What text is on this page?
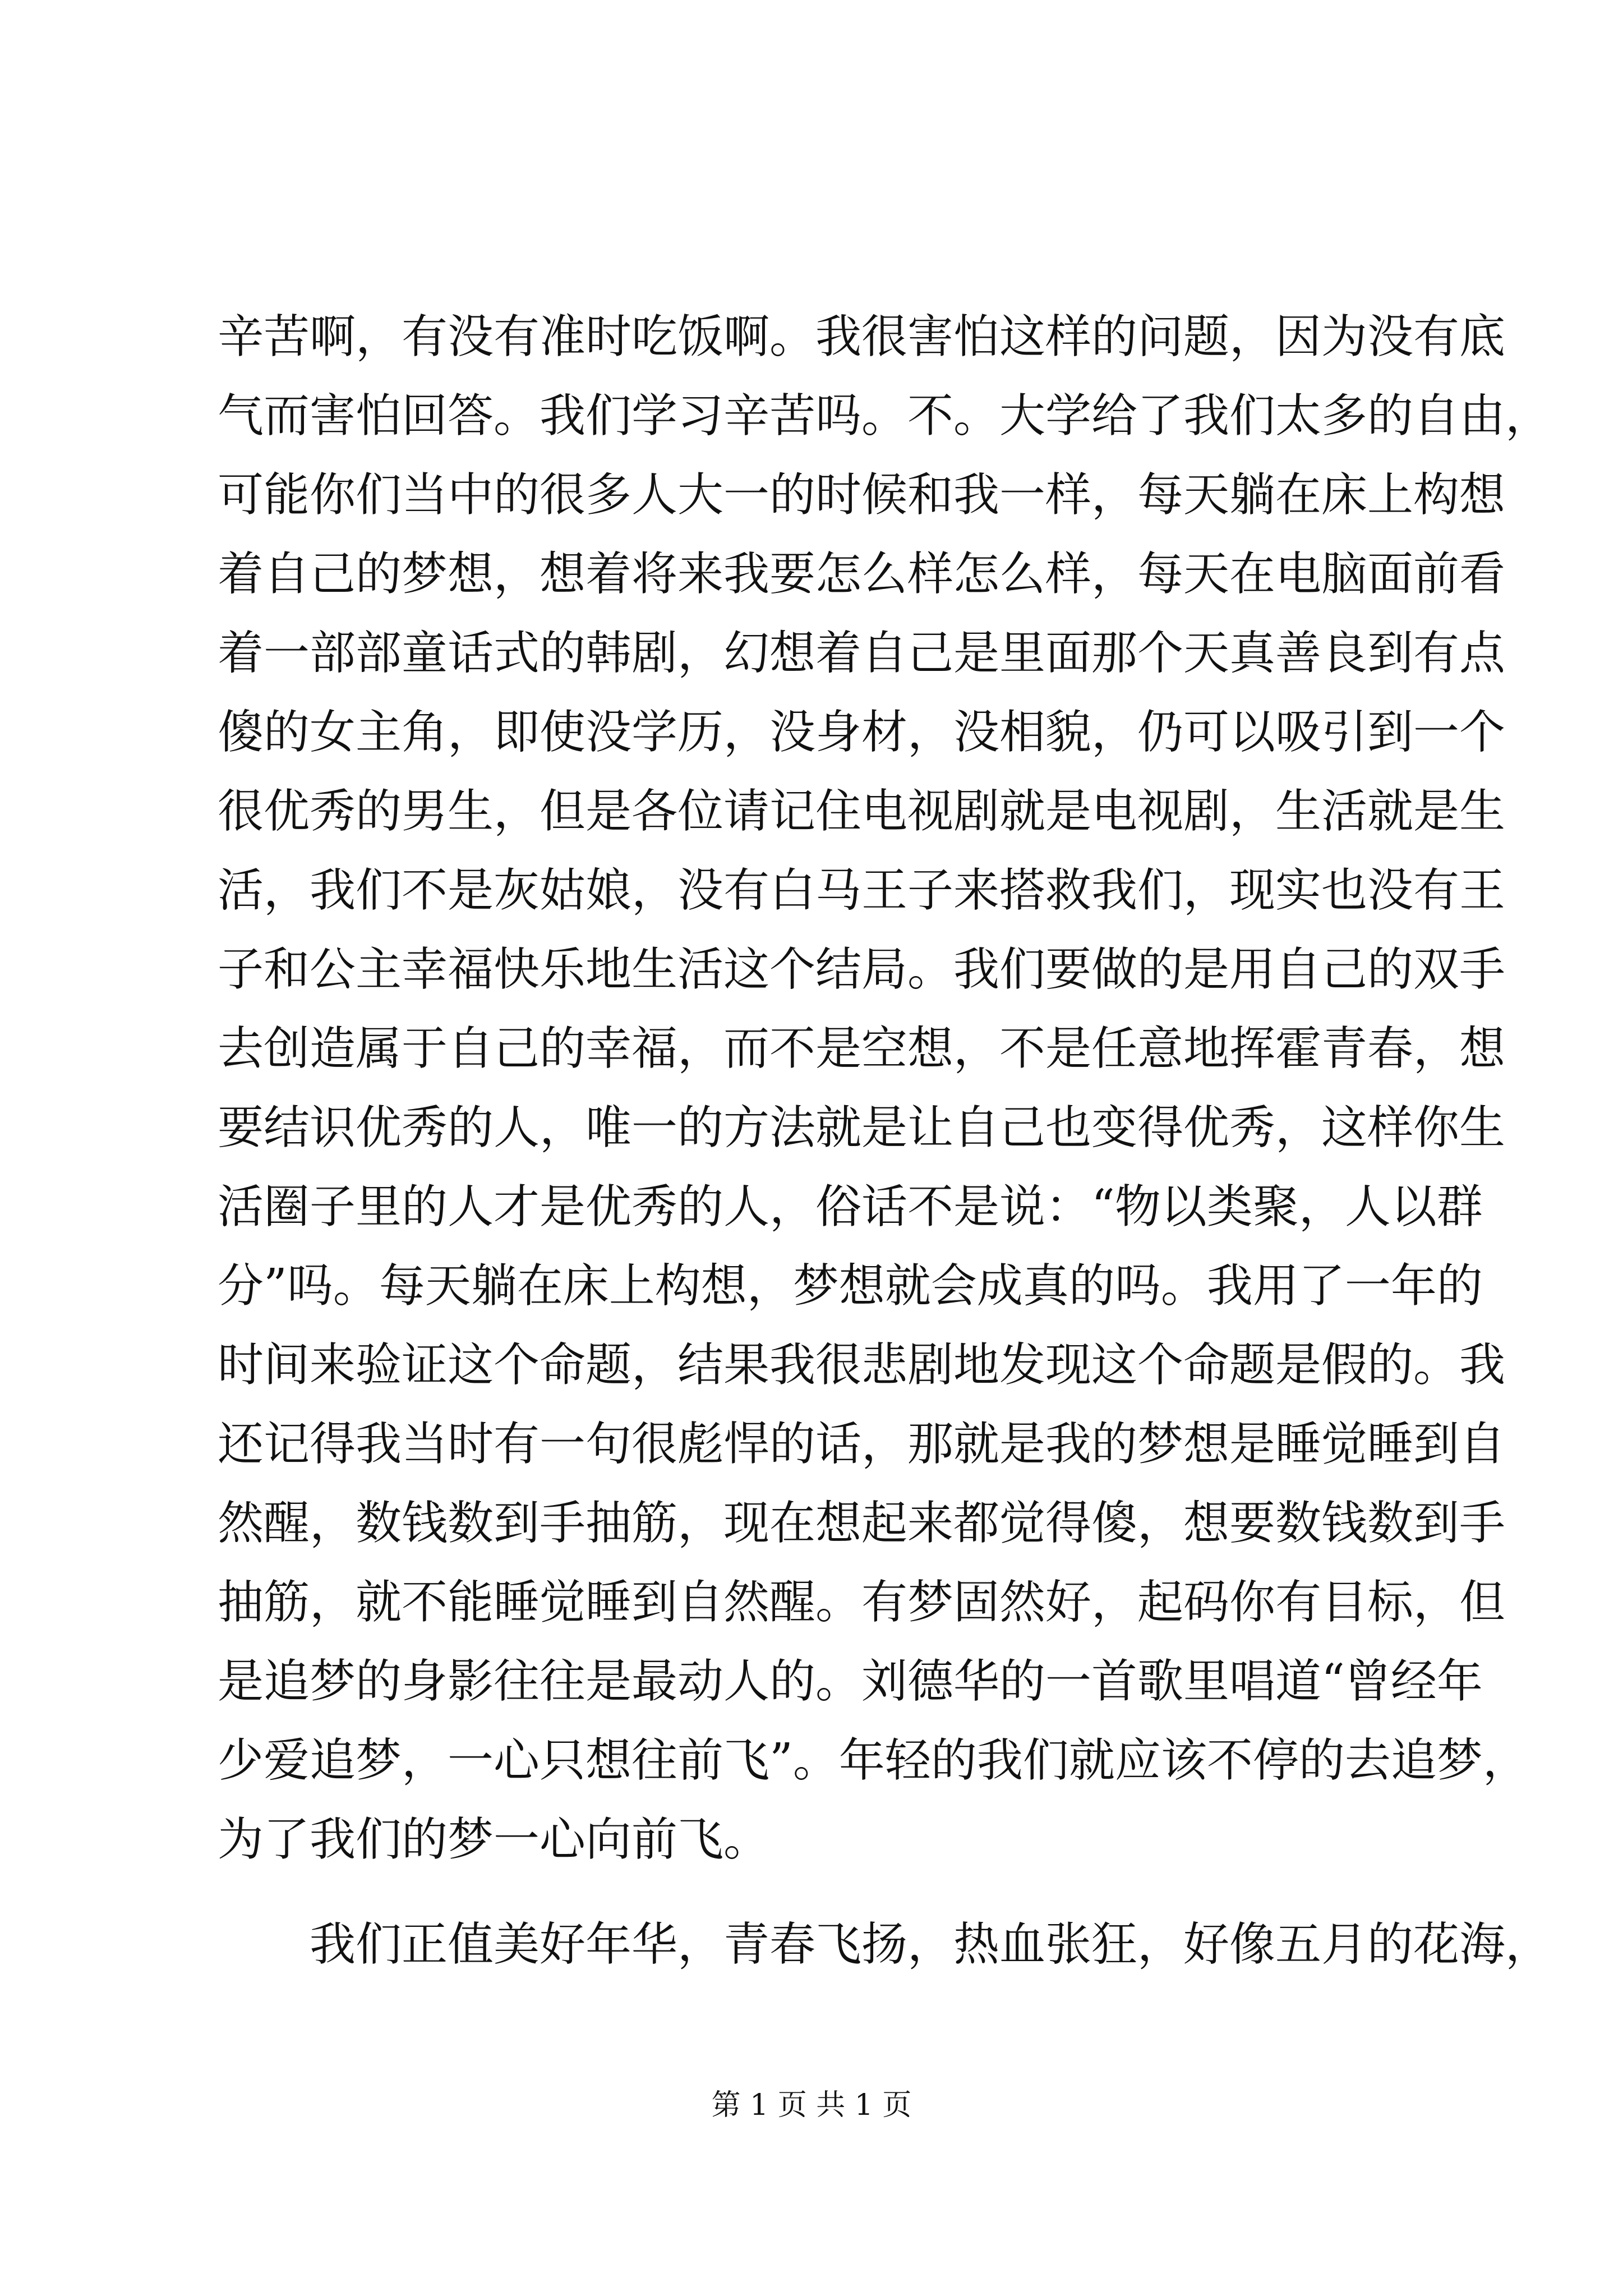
辛苦啊，有没有准时吃饭啊。我很害怕这样的问题，因为没有底
气而害怕回答。我们学习辛苦吗。不。大学给了我们太多的自由，
可能你们当中的很多人大一的时候和我一样，每天躺在床上构想
着自己的梦想，想着将来我要怎么样怎么样，每天在电脑面前看
着一部部童话式的韩剧，幻想着自己是里面那个天真善良到有点
傻的女主角，即使没学历，没身材，没相貌，仍可以吸引到一个
很优秀的男生，但是各位请记住电视剧就是电视剧，生活就是生
活，我们不是灰姑娘，没有白马王子来搭救我们，现实也没有王
子和公主幸福快乐地生活这个结局。我们要做的是用自己的双手
去创造属于自己的幸福，而不是空想，不是任意地挥霍青春，想
要结识优秀的人，唯一的方法就是让自己也变得优秀，这样你生
活圈子里的人才是优秀的人，俗话不是说：“物以类聚，人以群
分”吗。每天躺在床上构想，梦想就会成真的吗。我用了一年的
时间来验证这个命题，结果我很悲剧地发现这个命题是假的。我
还记得我当时有一句很彪悍的话，那就是我的梦想是睡觉睡到自
然醒，数钱数到手抽筋，现在想起来都觉得傻，想要数钱数到手
抽筋，就不能睡觉睡到自然醒。有梦固然好，起码你有目标，但
是追梦的身影往往是最动人的。刘德华的一首歌里唱道“曾经年
少爱追梦，一心只想往前飞”。年轻的我们就应该不停的去追梦，
为了我们的梦一心向前飞。
我们正值美好年华，青春飞扬，热血张狂，好像五月的花海，
第 1 页 共 1 页
